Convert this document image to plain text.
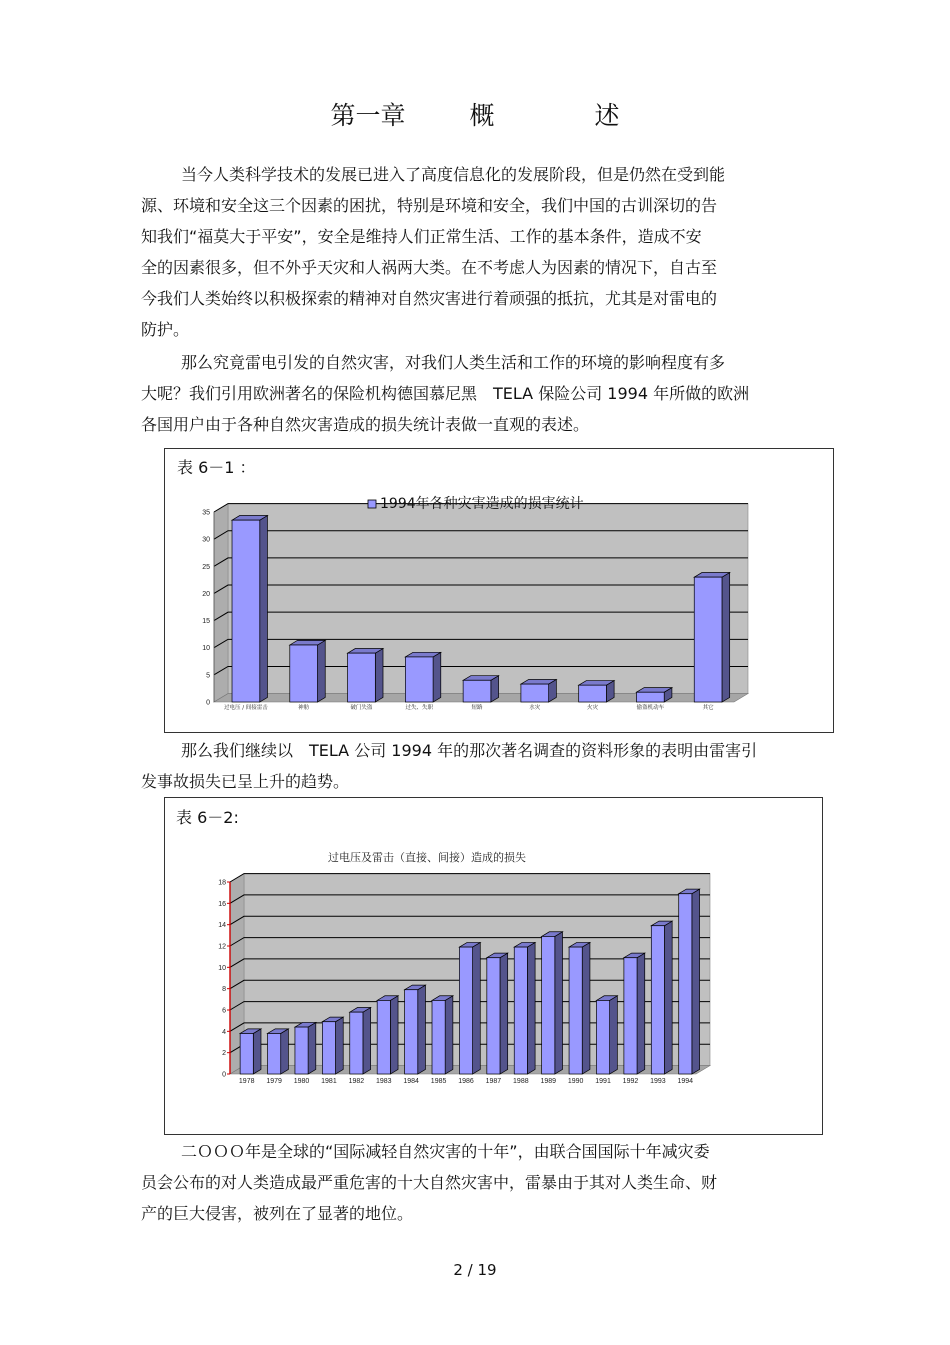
第一章	概	述
当今人类科学技术的发展已进入了高度信息化的发展阶段，但是仍然在受到能
源、环境和安全这三个因素的困扰，特别是环境和安全，我们中国的古训深切的告
知我们“福莫大于平安”，安全是维持人们正常生活、工作的基本条件，造成不安
全的因素很多，但不外乎天灾和人祸两大类。在不考虑人为因素的情况下，自古至
今我们人类始终以积极探索的精神对自然灾害进行着顽强的抵抗，尤其是对雷电的
防护。
那么究竟雷电引发的自然灾害，对我们人类生活和工作的环境的影响程度有多
大呢？我们引用欧洲著名的保险机构德国慕尼黑　TELA 保险公司 1994 年所做的欧洲
各国用户由于各种自然灾害造成的损失统计表做一直观的表述。
表 6－1 ：
0
5
10
15
20
25
30
35
过电压 / 间接雷击	神舫	破门失盗	过失、失职	短路	水灾	火灾	偷盗机动车	其它
1994年各种灾害造成的损害统计
那么我们继续以　TELA 公司 1994 年的那次著名调查的资料形象的表明由雷害引
发事故损失已呈上升的趋势。
表 6－2:
0
2
4
6
8
10
12
14
16
18
1978 1979 1980 1981 1982 1983 1984 1985 1986 1987 1988 1989 1990 1991 1992 1993 1994
过电压及雷击（直接、间接）造成的损失
二ＯＯＯ年是全球的“国际减轻自然灾害的十年”，由联合国国际十年减灾委
员会公布的对人类造成最严重危害的十大自然灾害中，雷暴由于其对人类生命、财
产的巨大侵害，被列在了显著的地位。
2 / 19
